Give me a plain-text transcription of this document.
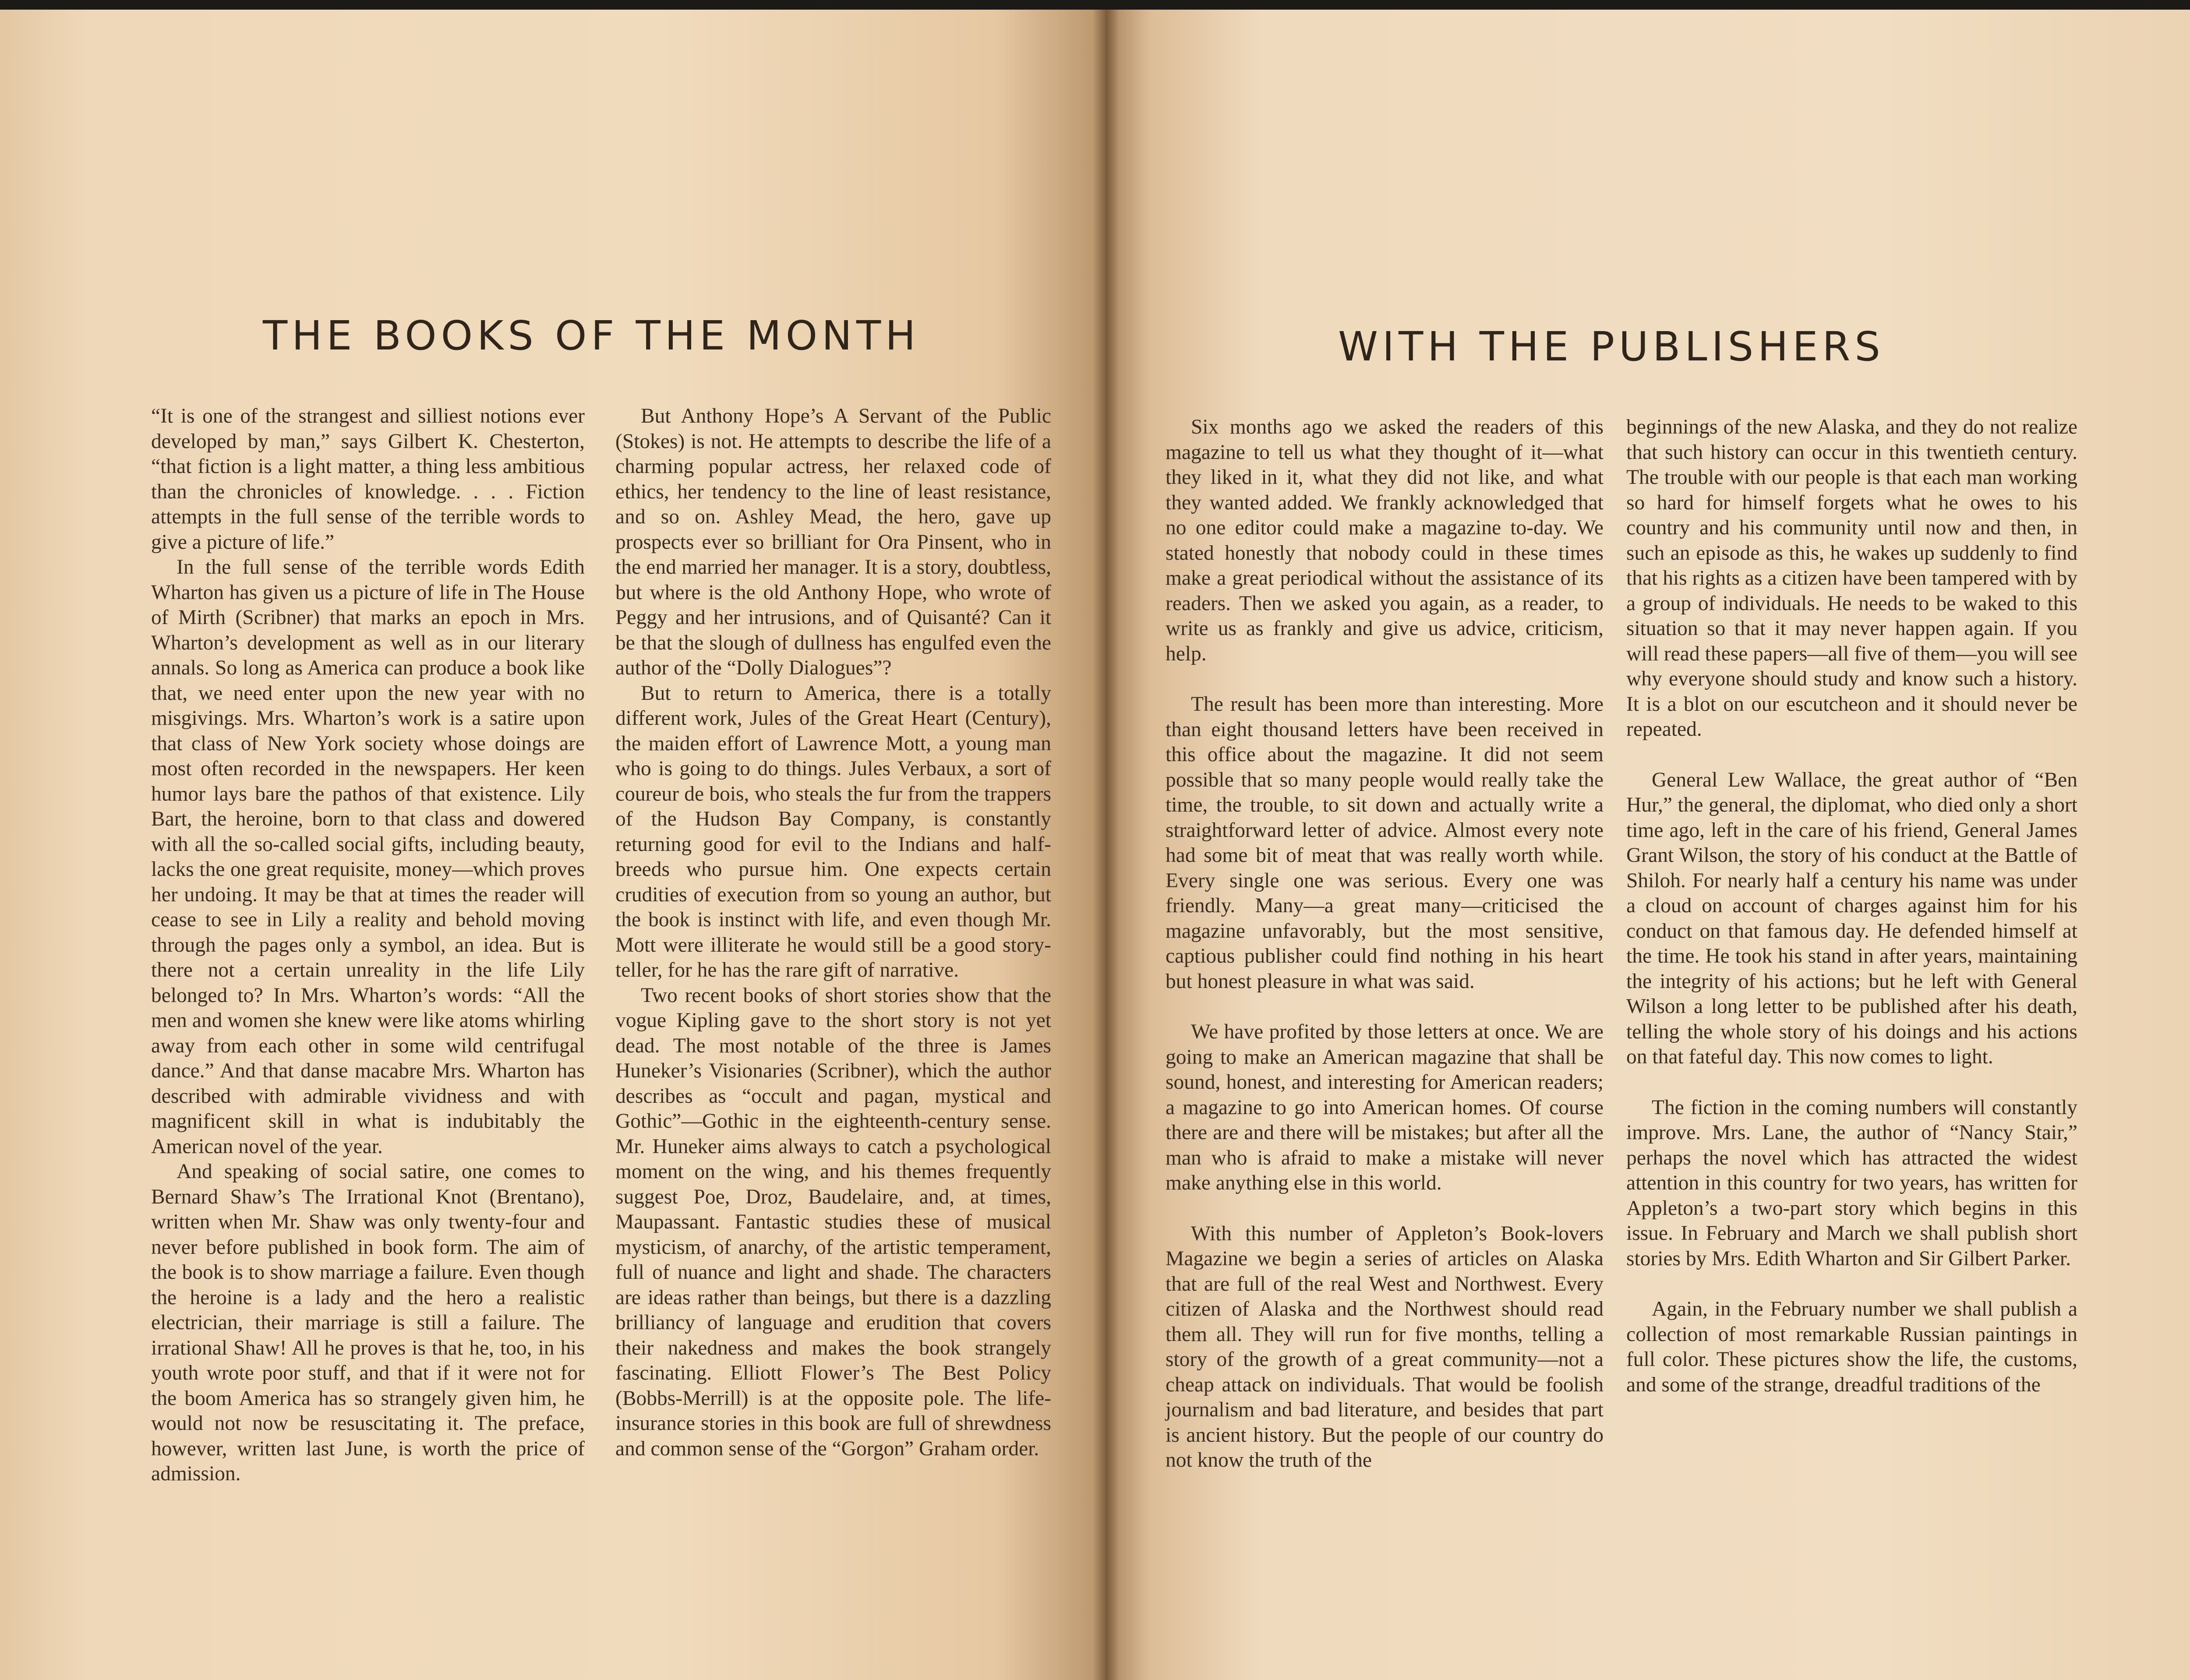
THE BOOKS OF THE MONTH

“It is one of the strangest and silliest notions ever developed by man,” says Gilbert K. Chesterton, “that fiction is a light matter, a thing less ambitious than the chronicles of knowledge. . . . Fiction attempts in the full sense of the terrible words to give a picture of life.”

In the full sense of the terrible words Edith Wharton has given us a picture of life in The House of Mirth (Scribner) that marks an epoch in Mrs. Wharton’s development as well as in our literary annals. So long as America can produce a book like that, we need enter upon the new year with no misgivings. Mrs. Wharton’s work is a satire upon that class of New York society whose doings are most often recorded in the newspapers. Her keen humor lays bare the pathos of that existence. Lily Bart, the heroine, born to that class and dowered with all the so-called social gifts, including beauty, lacks the one great requisite, money—which proves her undoing. It may be that at times the reader will cease to see in Lily a reality and behold moving through the pages only a symbol, an idea. But is there not a certain unreality in the life Lily belonged to? In Mrs. Wharton’s words: “All the men and women she knew were like atoms whirling away from each other in some wild centrifugal dance.” And that danse macabre Mrs. Wharton has described with admirable vividness and with magnificent skill in what is indubitably the American novel of the year.

And speaking of social satire, one comes to Bernard Shaw’s The Irrational Knot (Brentano), written when Mr. Shaw was only twenty-four and never before published in book form. The aim of the book is to show marriage a failure. Even though the heroine is a lady and the hero a realistic electrician, their marriage is still a failure. The irrational Shaw! All he proves is that he, too, in his youth wrote poor stuff, and that if it were not for the boom America has so strangely given him, he would not now be resuscitating it. The preface, however, written last June, is worth the price of admission.

But Anthony Hope’s A Servant of the Public (Stokes) is not. He attempts to describe the life of a charming popular actress, her relaxed code of ethics, her tendency to the line of least resistance, and so on. Ashley Mead, the hero, gave up prospects ever so brilliant for Ora Pinsent, who in the end married her manager. It is a story, doubtless, but where is the old Anthony Hope, who wrote of Peggy and her intrusions, and of Quisanté? Can it be that the slough of dullness has engulfed even the author of the “Dolly Dialogues”?

But to return to America, there is a totally different work, Jules of the Great Heart (Century), the maiden effort of Lawrence Mott, a young man who is going to do things. Jules Verbaux, a sort of coureur de bois, who steals the fur from the trappers of the Hudson Bay Company, is constantly returning good for evil to the Indians and half-breeds who pursue him. One expects certain crudities of execution from so young an author, but the book is instinct with life, and even though Mr. Mott were illiterate he would still be a good story-teller, for he has the rare gift of narrative.

Two recent books of short stories show that the vogue Kipling gave to the short story is not yet dead. The most notable of the three is James Huneker’s Visionaries (Scribner), which the author describes as “occult and pagan, mystical and Gothic”—Gothic in the eighteenth-century sense. Mr. Huneker aims always to catch a psychological moment on the wing, and his themes frequently suggest Poe, Droz, Baudelaire, and, at times, Maupassant. Fantastic studies these of musical mysticism, of anarchy, of the artistic temperament, full of nuance and light and shade. The characters are ideas rather than beings, but there is a dazzling brilliancy of language and erudition that covers their nakedness and makes the book strangely fascinating. Elliott Flower’s The Best Policy (Bobbs-Merrill) is at the opposite pole. The life-insurance stories in this book are full of shrewdness and common sense of the “Gorgon” Graham order.

WITH THE PUBLISHERS

Six months ago we asked the readers of this magazine to tell us what they thought of it—what they liked in it, what they did not like, and what they wanted added. We frankly acknowledged that no one editor could make a magazine to-day. We stated honestly that nobody could in these times make a great periodical without the assistance of its readers. Then we asked you again, as a reader, to write us as frankly and give us advice, criticism, help.

The result has been more than interesting. More than eight thousand letters have been received in this office about the magazine. It did not seem possible that so many people would really take the time, the trouble, to sit down and actually write a straightforward letter of advice. Almost every note had some bit of meat that was really worth while. Every single one was serious. Every one was friendly. Many—a great many—criticised the magazine unfavorably, but the most sensitive, captious publisher could find nothing in his heart but honest pleasure in what was said.

We have profited by those letters at once. We are going to make an American magazine that shall be sound, honest, and interesting for American readers; a magazine to go into American homes. Of course there are and there will be mistakes; but after all the man who is afraid to make a mistake will never make anything else in this world.

With this number of Appleton’s Book-lovers Magazine we begin a series of articles on Alaska that are full of the real West and Northwest. Every citizen of Alaska and the Northwest should read them all. They will run for five months, telling a story of the growth of a great community—not a cheap attack on individuals. That would be foolish journalism and bad literature, and besides that part is ancient history. But the people of our country do not know the truth of the

beginnings of the new Alaska, and they do not realize that such history can occur in this twentieth century. The trouble with our people is that each man working so hard for himself forgets what he owes to his country and his community until now and then, in such an episode as this, he wakes up suddenly to find that his rights as a citizen have been tampered with by a group of individuals. He needs to be waked to this situation so that it may never happen again. If you will read these papers—all five of them—you will see why everyone should study and know such a history. It is a blot on our escutcheon and it should never be repeated.

General Lew Wallace, the great author of “Ben Hur,” the general, the diplomat, who died only a short time ago, left in the care of his friend, General James Grant Wilson, the story of his conduct at the Battle of Shiloh. For nearly half a century his name was under a cloud on account of charges against him for his conduct on that famous day. He defended himself at the time. He took his stand in after years, maintaining the integrity of his actions; but he left with General Wilson a long letter to be published after his death, telling the whole story of his doings and his actions on that fateful day. This now comes to light.

The fiction in the coming numbers will constantly improve. Mrs. Lane, the author of “Nancy Stair,” perhaps the novel which has attracted the widest attention in this country for two years, has written for Appleton’s a two-part story which begins in this issue. In February and March we shall publish short stories by Mrs. Edith Wharton and Sir Gilbert Parker.

Again, in the February number we shall publish a collection of most remarkable Russian paintings in full color. These pictures show the life, the customs, and some of the strange, dreadful traditions of the
